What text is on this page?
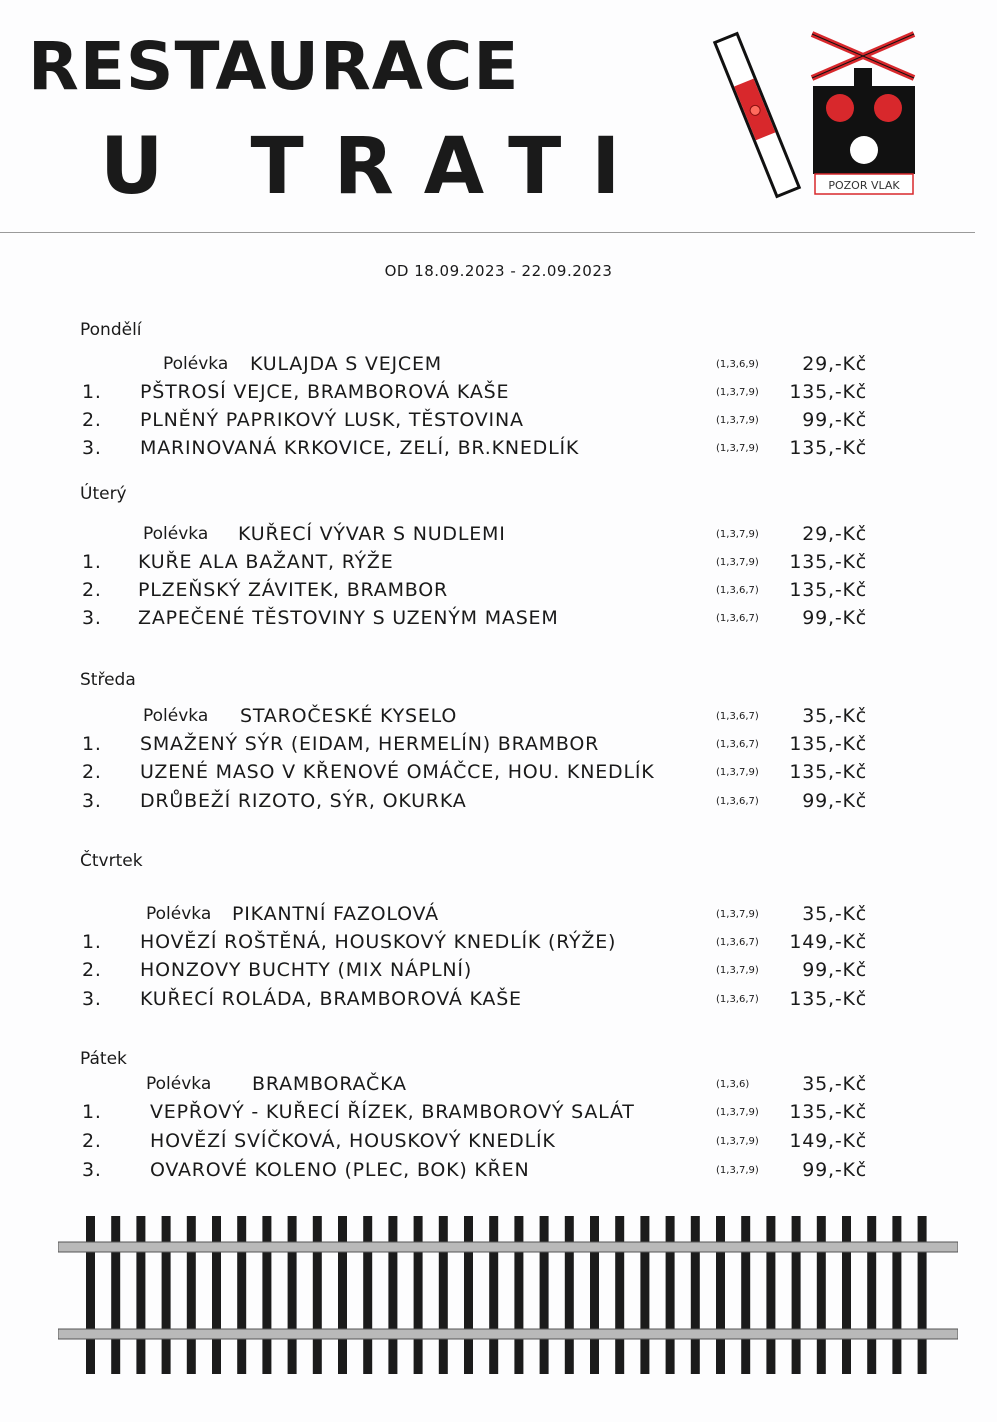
RESTAURACE
U TRATI	POZOR VLAK
OD 18.09.2023 - 22.09.2023
Pondělí
Polévka KULAJDA S VEJCEM	(1,3,6,9) 29,-Kč
1. PŠTROSÍ VEJCE, BRAMBOROVÁ KAŠE	(1,3,7,9) 135,-Kč
2. PLNĚNÝ PAPRIKOVÝ LUSK, TĚSTOVINA	(1,3,7,9) 99,-Kč
3. MARINOVANÁ KRKOVICE, ZELÍ, BR.KNEDLÍK	(1,3,7,9) 135,-Kč
Úterý
Polévka KUŘECÍ VÝVAR S NUDLEMI	(1,3,7,9) 29,-Kč
1. KUŘE ALA BAŽANT, RÝŽE	(1,3,7,9) 135,-Kč
2. PLZEŇSKÝ ZÁVITEK, BRAMBOR	(1,3,6,7) 135,-Kč
3. ZAPEČENÉ TĚSTOVINY S UZENÝM MASEM	(1,3,6,7) 99,-Kč
Středa
Polévka STAROČESKÉ KYSELO	(1,3,6,7) 35,-Kč
1. SMAŽENÝ SÝR (EIDAM, HERMELÍN) BRAMBOR	(1,3,6,7) 135,-Kč
2. UZENÉ MASO V KŘENOVÉ OMÁČCE, HOU. KNEDLÍK	(1,3,7,9) 135,-Kč
3. DRŮBEŽÍ RIZOTO, SÝR, OKURKA	(1,3,6,7) 99,-Kč
Čtvrtek
Polévka PIKANTNÍ FAZOLOVÁ	(1,3,7,9) 35,-Kč
1. HOVĚZÍ ROŠTĚNÁ, HOUSKOVÝ KNEDLÍK (RÝŽE)	(1,3,6,7) 149,-Kč
2. HONZOVY BUCHTY (MIX NÁPLNÍ)	(1,3,7,9) 99,-Kč
3. KUŘECÍ ROLÁDA, BRAMBOROVÁ KAŠE	(1,3,6,7) 135,-Kč
Pátek
Polévka BRAMBORAČKA	(1,3,6)	35,-Kč
1.	VEPŘOVÝ - KUŘECÍ ŘÍZEK, BRAMBOROVÝ SALÁT	(1,3,7,9) 135,-Kč
2.	HOVĚZÍ SVÍČKOVÁ, HOUSKOVÝ KNEDLÍK	(1,3,7,9) 149,-Kč
3.	OVAROVÉ KOLENO (PLEC, BOK) KŘEN	(1,3,7,9) 99,-Kč
